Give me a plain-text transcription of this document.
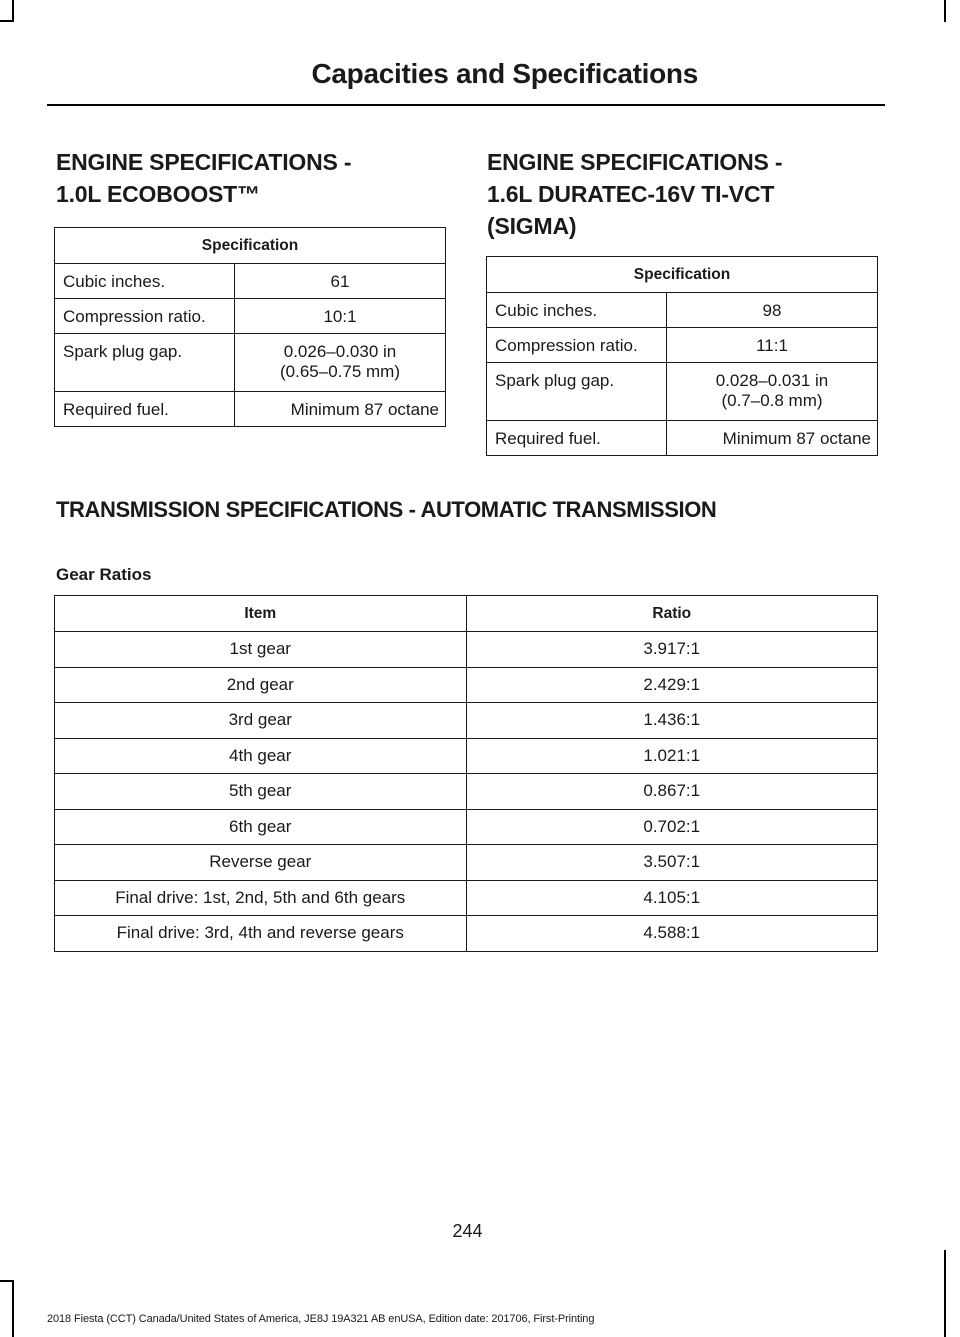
Capacities and Specifications
ENGINE SPECIFICATIONS -
1.0L ECOBOOST™
Specification	
Cubic inches.	61
Compression ratio.	10:1
Spark plug gap.	0.026–0.030 in
(0.65–0.75 mm)

Required fuel.	Minimum 87 octane
ENGINE SPECIFICATIONS -
1.6L DURATEC-16V TI-VCT
(SIGMA)
Specification	
Cubic inches.	98
Compression ratio.	11:1
Spark plug gap.	0.028–0.031 in
(0.7–0.8 mm)

Required fuel.	Minimum 87 octane
TRANSMISSION SPECIFICATIONS - AUTOMATIC TRANSMISSION
Gear Ratios
Item	Ratio
1st gear	3.917:1
2nd gear	2.429:1
3rd gear	1.436:1
4th gear	1.021:1
5th gear	0.867:1
6th gear	0.702:1
Reverse gear	3.507:1
Final drive: 1st, 2nd, 5th and 6th gears	4.105:1
Final drive: 3rd, 4th and reverse gears	4.588:1
244
2018 Fiesta (CCT) Canada/United States of America, JE8J 19A321 AB enUSA, Edition date: 201706, First-Printing
